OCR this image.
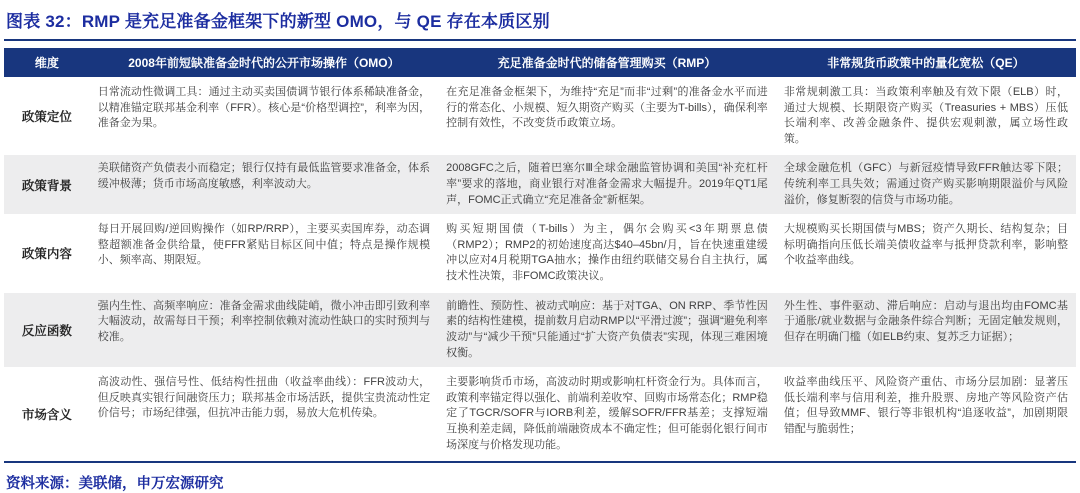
图表 32：RMP 是充足准备金框架下的新型 OMO，与 QE 存在本质区别
维度	2008年前短缺准备金时代的公开市场操作（OMO）	充足准备金时代的储备管理购买（RMP）	非常规货币政策中的量化宽松（QE）
政策定位	日常流动性微调工具：通过主动买卖国债调节银行体系稀缺准备金，以精准锚定联邦基金利率（FFR）。核心是“价格型调控”，利率为因，准备金为果。	在充足准备金框架下，为维持“充足”而非“过剩”的准备金水平而进行的常态化、小规模、短久期资产购买（主要为T-bills），确保利率控制有效性，不改变货币政策立场。	非常规刺激工具：当政策利率触及有效下限（ELB）时，通过大规模、长期限资产购买（Treasuries + MBS）压低长端利率、改善金融条件、提供宏观刺激，属立场性政策。
政策背景	美联储资产负债表小而稳定；银行仅持有最低监管要求准备金，体系缓冲极薄；货币市场高度敏感，利率波动大。	2008GFC之后，随着巴塞尔Ⅲ全球金融监管协调和美国“补充杠杆率”要求的落地，商业银行对准备金需求大幅提升。2019年QT1尾声，FOMC正式确立“充足准备金”新框架。	全球金融危机（GFC）与新冠疫情导致FFR触达零下限；传统利率工具失效；需通过资产购买影响期限溢价与风险溢价，修复断裂的信贷与市场功能。
政策内容	每日开展回购/逆回购操作（如RP/RRP），主要买卖国库券，动态调整超额准备金供给量，使FFR紧贴目标区间中值；特点是操作规模小、频率高、期限短。	购买短期国债（T-bills）为主，偶尔会购买<3年期票息债（RMP2）；RMP2的初始速度高达$40–45bn/月，旨在快速重建缓冲以应对4月税期TGA抽水；操作由纽约联储交易台自主执行，属技术性决策，非FOMC政策决议。	大规模购买长期国债与MBS；资产久期长、结构复杂；目标明确指向压低长端美债收益率与抵押贷款利率，影响整个收益率曲线。
反应函数	强内生性、高频率响应：准备金需求曲线陡峭，微小冲击即引致利率大幅波动，故需每日干预；利率控制依赖对流动性缺口的实时预判与校准。	前瞻性、预防性、被动式响应：基于对TGA、ON RRP、季节性因素的结构性建模，提前数月启动RMP以“平滑过渡”；强调“避免利率波动”与“减少干预”只能通过“扩大资产负债表”实现，体现三难困境权衡。	外生性、事件驱动、滞后响应：启动与退出均由FOMC基于通胀/就业数据与金融条件综合判断；无固定触发规则，但存在明确门槛（如ELB约束、复苏乏力证据）；
市场含义	高波动性、强信号性、低结构性扭曲（收益率曲线）：FFR波动大，但反映真实银行间融资压力；联邦基金市场活跃，提供宝贵流动性定价信号；市场纪律强，但抗冲击能力弱，易放大危机传染。	主要影响货币市场，高波动时期或影响杠杆资金行为。具体而言，政策利率锚定得以强化、前端利差收窄、回购市场常态化；RMP稳定了TGCR/SOFR与IORB利差，缓解SOFR/FFR基差；支撑短端互换利差走阔，降低前端融资成本不确定性；但可能弱化银行间市场深度与价格发现功能。	收益率曲线压平、风险资产重估、市场分层加剧：显著压低长端利率与信用利差，推升股票、房地产等风险资产估值；但导致MMF、银行等非银机构“追逐收益”，加剧期限错配与脆弱性；
资料来源：美联储，申万宏源研究
